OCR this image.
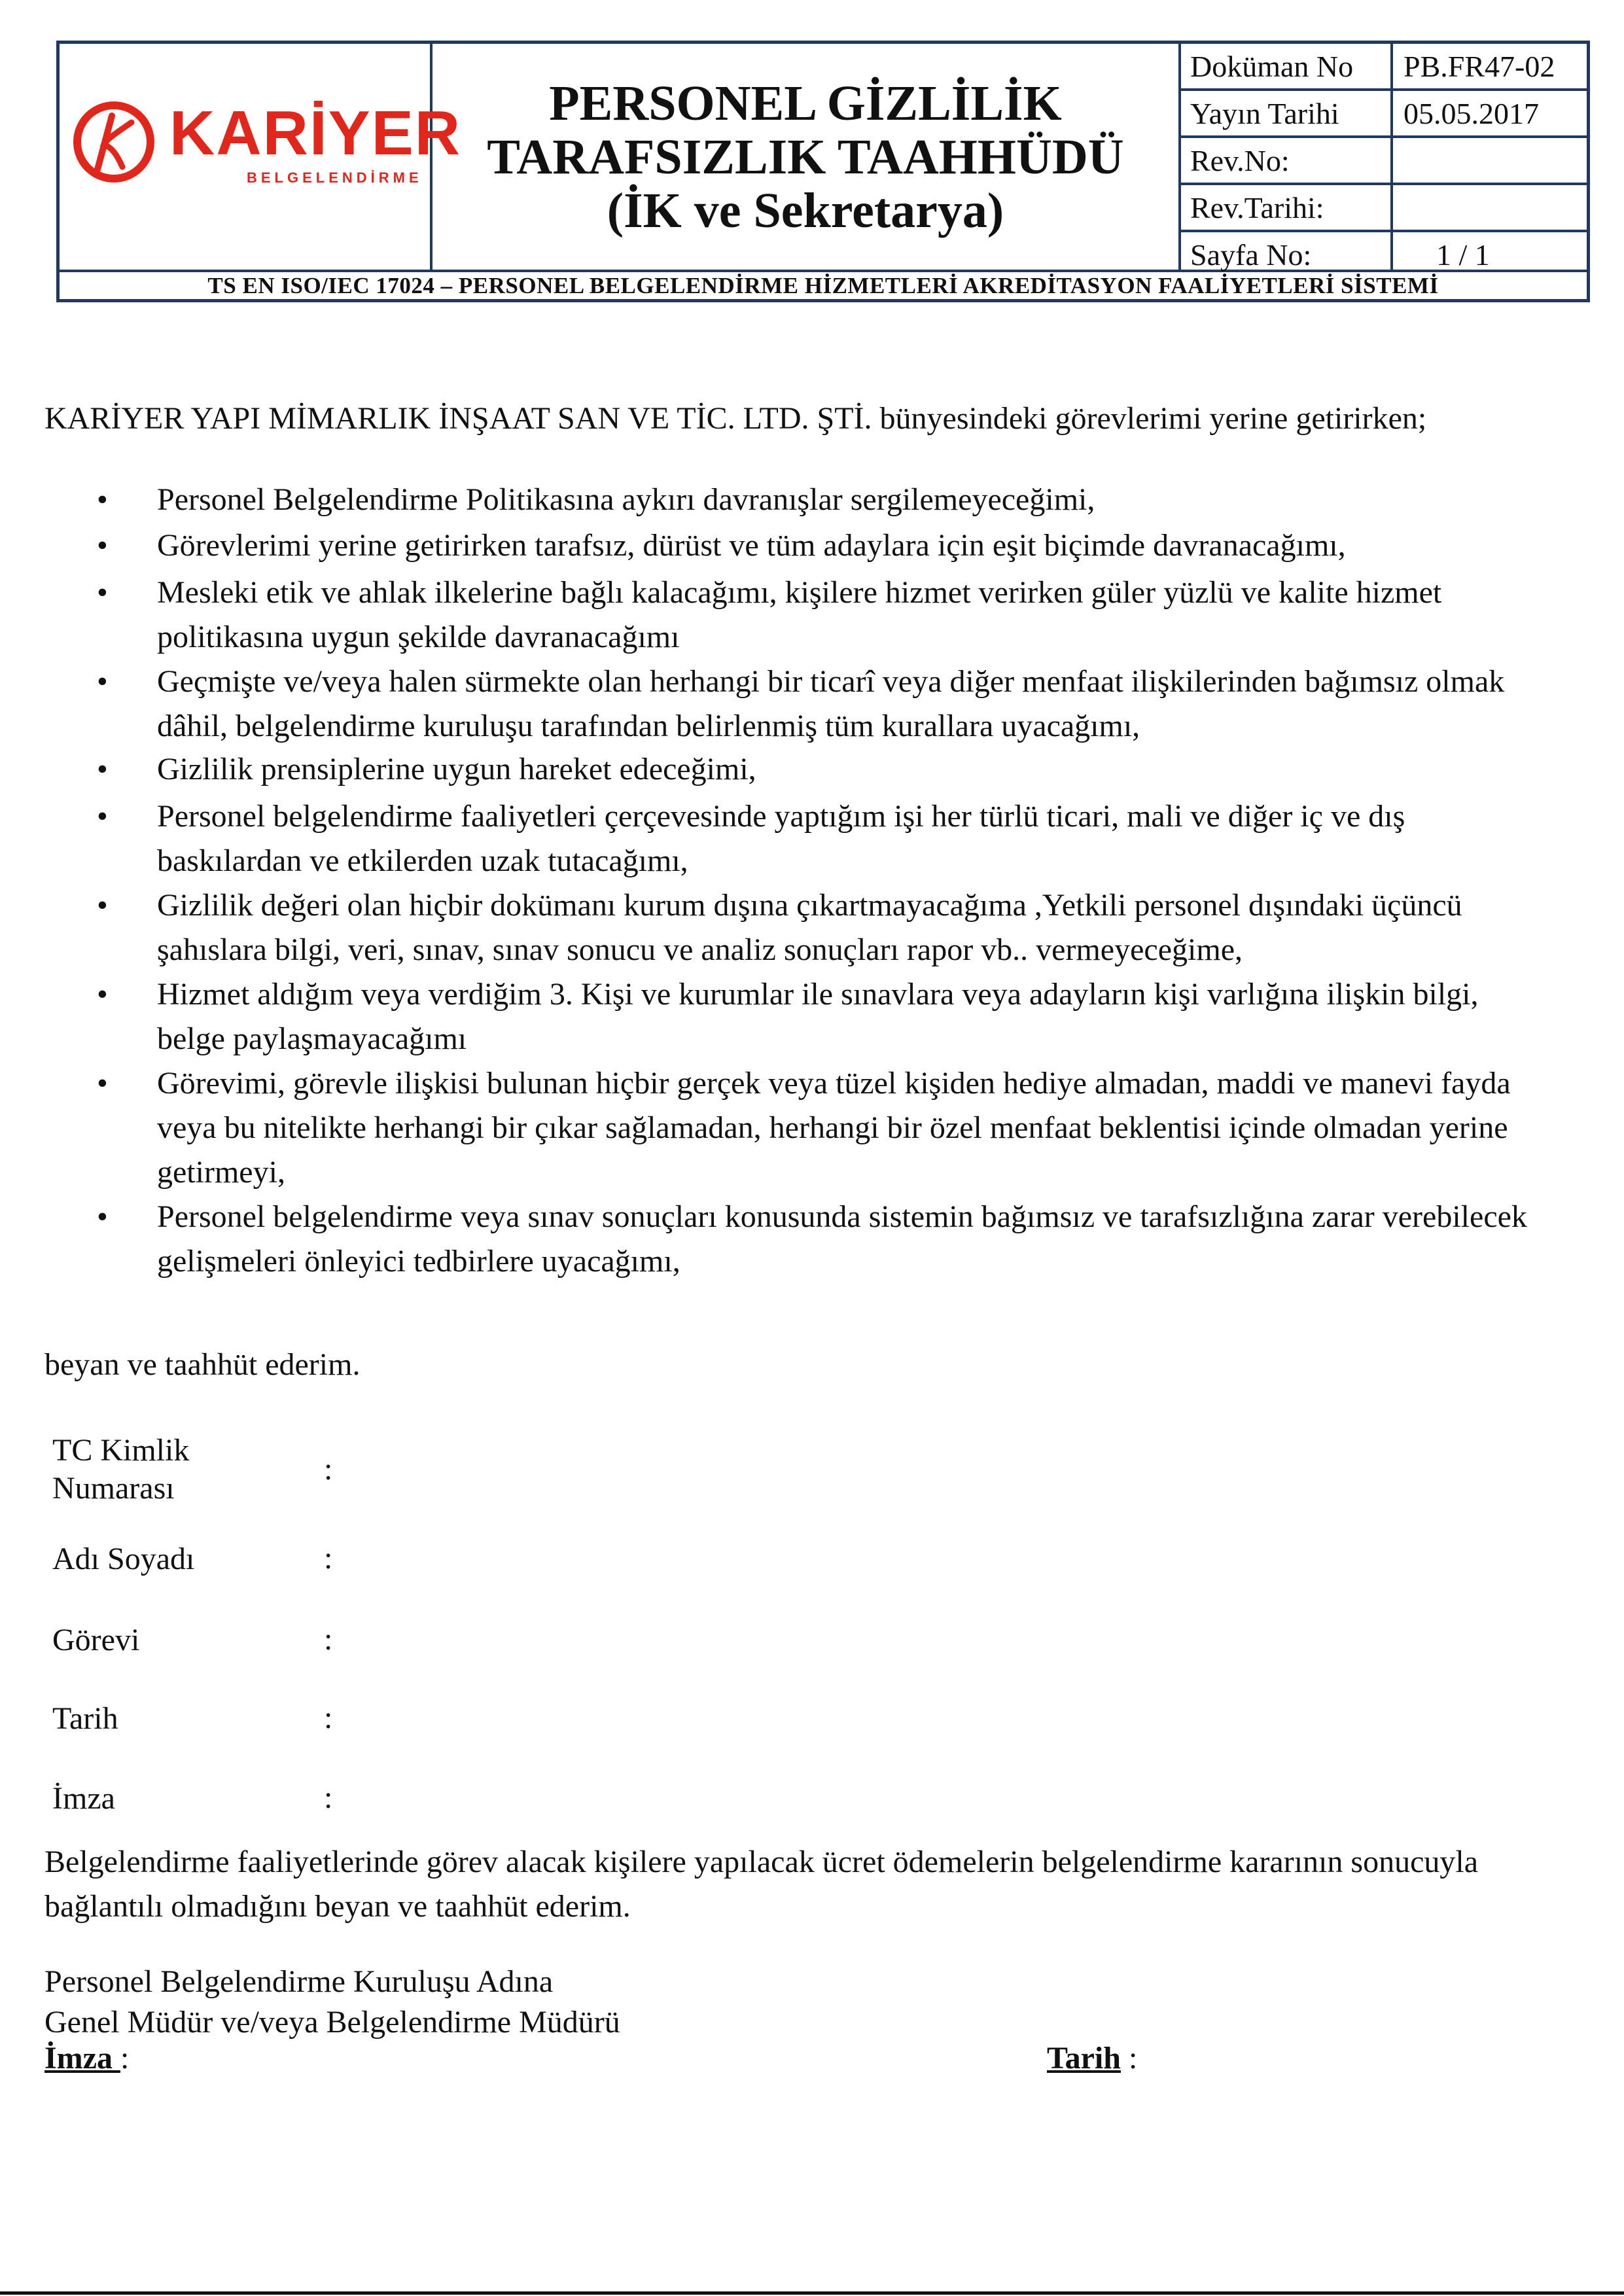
KARİYER
BELGELENDİRME
PERSONEL GİZLİLİK
TARAFSIZLIK TAAHHÜDÜ
(İK ve Sekretarya)
Doküman No PB.FR47-02
Yayın Tarihi 05.05.2017
Rev.No:
Rev.Tarihi:
Sayfa No:	1 / 1
TS EN ISO/IEC 17024 – PERSONEL BELGELENDİRME HİZMETLERİ AKREDİTASYON FAALİYETLERİ SİSTEMİ
KARİYER YAPI MİMARLIK İNŞAAT SAN VE TİC. LTD. ŞTİ. bünyesindeki görevlerimi yerine getirirken;
• Personel Belgelendirme Politikasına aykırı davranışlar sergilemeyeceğimi,
• Görevlerimi yerine getirirken tarafsız, dürüst ve tüm adaylara için eşit biçimde davranacağımı,
• Mesleki etik ve ahlak ilkelerine bağlı kalacağımı, kişilere hizmet verirken güler yüzlü ve kalite hizmet politikasına uygun şekilde davranacağımı
• Geçmişte ve/veya halen sürmekte olan herhangi bir ticarî veya diğer menfaat ilişkilerinden bağımsız olmak dâhil, belgelendirme kuruluşu tarafından belirlenmiş tüm kurallara uyacağımı,
• Gizlilik prensiplerine uygun hareket edeceğimi,
• Personel belgelendirme faaliyetleri çerçevesinde yaptığım işi her türlü ticari, mali ve diğer iç ve dış baskılardan ve etkilerden uzak tutacağımı,
• Gizlilik değeri olan hiçbir dokümanı kurum dışına çıkartmayacağıma ,Yetkili personel dışındaki üçüncü şahıslara bilgi, veri, sınav, sınav sonucu ve analiz sonuçları rapor vb.. vermeyeceğime,
• Hizmet aldığım veya verdiğim 3. Kişi ve kurumlar ile sınavlara veya adayların kişi varlığına ilişkin bilgi, belge paylaşmayacağımı
• Görevimi, görevle ilişkisi bulunan hiçbir gerçek veya tüzel kişiden hediye almadan, maddi ve manevi fayda veya bu nitelikte herhangi bir çıkar sağlamadan, herhangi bir özel menfaat beklentisi içinde olmadan yerine getirmeyi,
• Personel belgelendirme veya sınav sonuçları konusunda sistemin bağımsız ve tarafsızlığına zarar verebilecek gelişmeleri önleyici tedbirlere uyacağımı,
beyan ve taahhüt ederim.
TC Kimlik
Numarası
:
Adı Soyadı	:
Görevi	:
Tarih	:
İmza	:
Belgelendirme faaliyetlerinde görev alacak kişilere yapılacak ücret ödemelerin belgelendirme kararının sonucuyla bağlantılı olmadığını beyan ve taahhüt ederim.
Personel Belgelendirme Kuruluşu Adına
Genel Müdür ve/veya Belgelendirme Müdürü
İmza :	Tarih :
